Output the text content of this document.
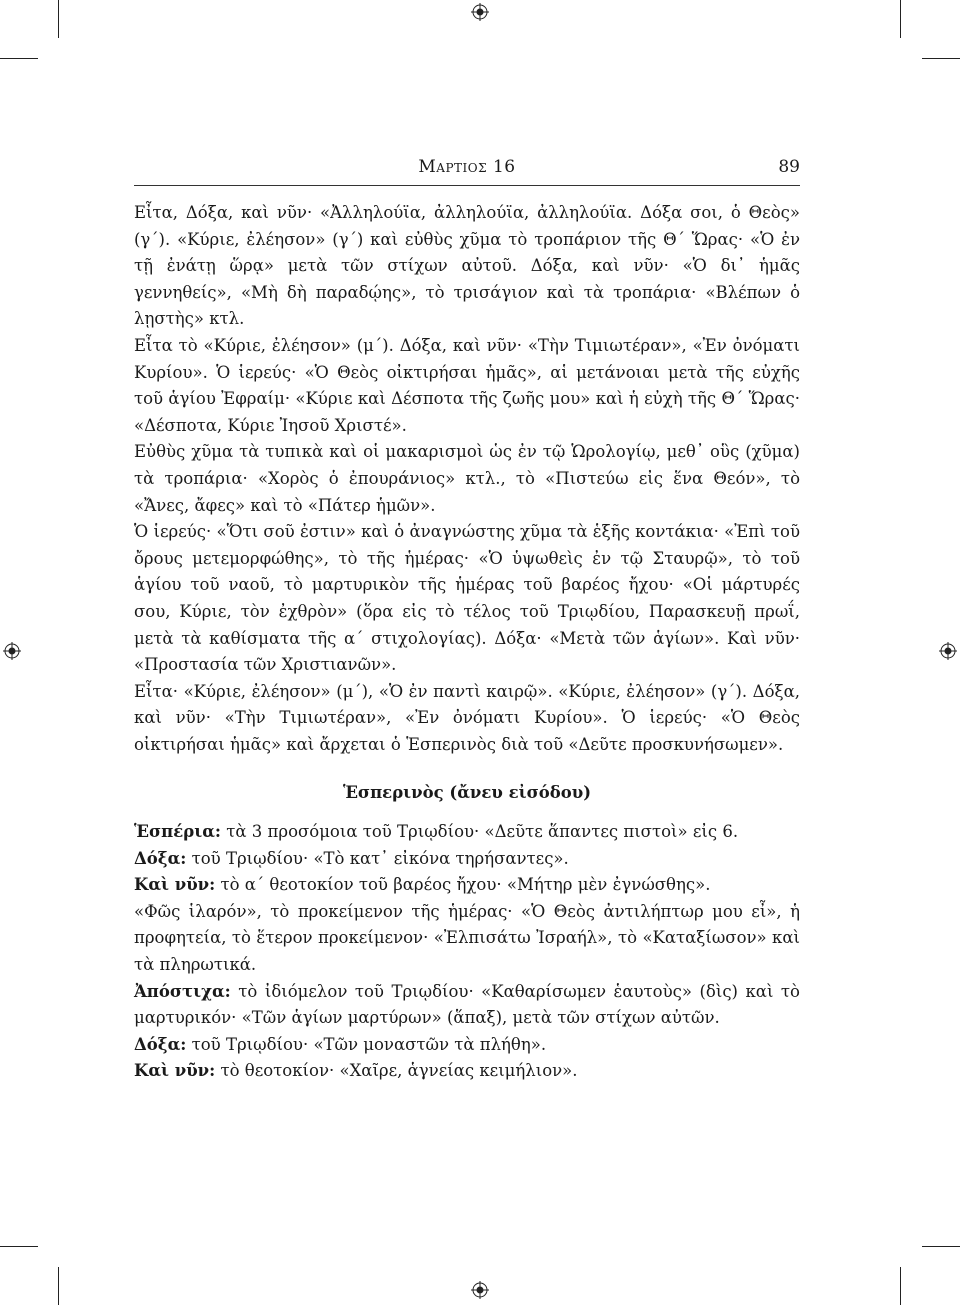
Μαρτιος 16	89

Εἶτα, Δόξα, καὶ νῦν· «Ἀλληλούϊα, ἀλληλούϊα, ἀλληλούϊα. Δόξα σοι, ὁ Θεὸς» (γ΄). «Κύριε, ἐλέησον» (γ΄) καὶ εὐθὺς χῦμα τὸ τροπάριον τῆς Θ΄ Ὥρας· «Ὁ ἐν τῇ ἐνάτῃ ὥρᾳ» μετὰ τῶν στίχων αὐτοῦ. Δόξα, καὶ νῦν· «Ὁ δι᾽ ἡμᾶς γεννηθείς», «Μὴ δὴ παραδῴης», τὸ τρισάγιον καὶ τὰ τροπάρια· «Βλέπων ὁ λῃστὴς» κτλ.

Εἶτα τὸ «Κύριε, ἐλέησον» (μ΄). Δόξα, καὶ νῦν· «Τὴν Τιμιωτέραν», «Ἐν ὀνόματι Κυρίου». Ὁ ἱερεύς· «Ὁ Θεὸς οἰκτιρήσαι ἡμᾶς», αἱ μετάνοιαι μετὰ τῆς εὐχῆς τοῦ ἁγίου Ἐφραίμ· «Κύριε καὶ Δέσποτα τῆς ζωῆς μου» καὶ ἡ εὐχὴ τῆς Θ΄ Ὥρας· «Δέσποτα, Κύριε Ἰησοῦ Χριστέ».

Εὐθὺς χῦμα τὰ τυπικὰ καὶ οἱ μακαρισμοὶ ὡς ἐν τῷ Ὡρολογίῳ, μεθ᾽ οὓς (χῦμα) τὰ τροπάρια· «Χορὸς ὁ ἐπουράνιος» κτλ., τὸ «Πιστεύω εἰς ἕνα Θεόν», τὸ «Ἄνες, ἄφες» καὶ τὸ «Πάτερ ἡμῶν».

Ὁ ἱερεύς· «Ὅτι σοῦ ἐστιν» καὶ ὁ ἀναγνώστης χῦμα τὰ ἑξῆς κοντάκια· «Ἐπὶ τοῦ ὄρους μετεμορφώθης», τὸ τῆς ἡμέρας· «Ὁ ὑψωθεὶς ἐν τῷ Σταυρῷ», τὸ τοῦ ἁγίου τοῦ ναοῦ, τὸ μαρτυρικὸν τῆς ἡμέρας τοῦ βαρέος ἤχου· «Οἱ μάρτυρές σου, Κύριε, τὸν ἐχθρὸν» (ὅρα εἰς τὸ τέλος τοῦ Τριῳδίου, Παρασκευῇ πρωΐ, μετὰ τὰ καθίσματα τῆς α΄ στιχολογίας). Δόξα· «Μετὰ τῶν ἁγίων». Καὶ νῦν· «Προστασία τῶν Χριστιανῶν».

Εἶτα· «Κύριε, ἐλέησον» (μ΄), «Ὁ ἐν παντὶ καιρῷ». «Κύριε, ἐλέησον» (γ΄). Δόξα, καὶ νῦν· «Τὴν Τιμιωτέραν», «Ἐν ὀνόματι Κυρίου». Ὁ ἱερεύς· «Ὁ Θεὸς οἰκτιρήσαι ἡμᾶς» καὶ ἄρχεται ὁ Ἑσπερινὸς διὰ τοῦ «Δεῦτε προσκυνήσωμεν».

Ἑσπερινὸς (ἄνευ εἰσόδου)

Ἑσπέρια: τὰ 3 προσόμοια τοῦ Τριῳδίου· «Δεῦτε ἅπαντες πιστοὶ» εἰς 6.

Δόξα: τοῦ Τριῳδίου· «Τὸ κατ᾽ εἰκόνα τηρήσαντες».

Καὶ νῦν: τὸ α΄ θεοτοκίον τοῦ βαρέος ἤχου· «Μήτηρ μὲν ἐγνώσθης».

«Φῶς ἱλαρόν», τὸ προκείμενον τῆς ἡμέρας· «Ὁ Θεὸς ἀντιλήπτωρ μου εἶ», ἡ προφητεία, τὸ ἕτερον προκείμενον· «Ἐλπισάτω Ἰσραήλ», τὸ «Καταξίωσον» καὶ τὰ πληρωτικά.

Ἀπόστιχα: τὸ ἰδιόμελον τοῦ Τριῳδίου· «Καθαρίσωμεν ἑαυτοὺς» (δὶς) καὶ τὸ μαρτυρικόν· «Τῶν ἁγίων μαρτύρων» (ἅπαξ), μετὰ τῶν στίχων αὐτῶν.

Δόξα: τοῦ Τριῳδίου· «Τῶν μοναστῶν τὰ πλήθη».

Καὶ νῦν: τὸ θεοτοκίον· «Χαῖρε, ἁγνείας κειμήλιον».
